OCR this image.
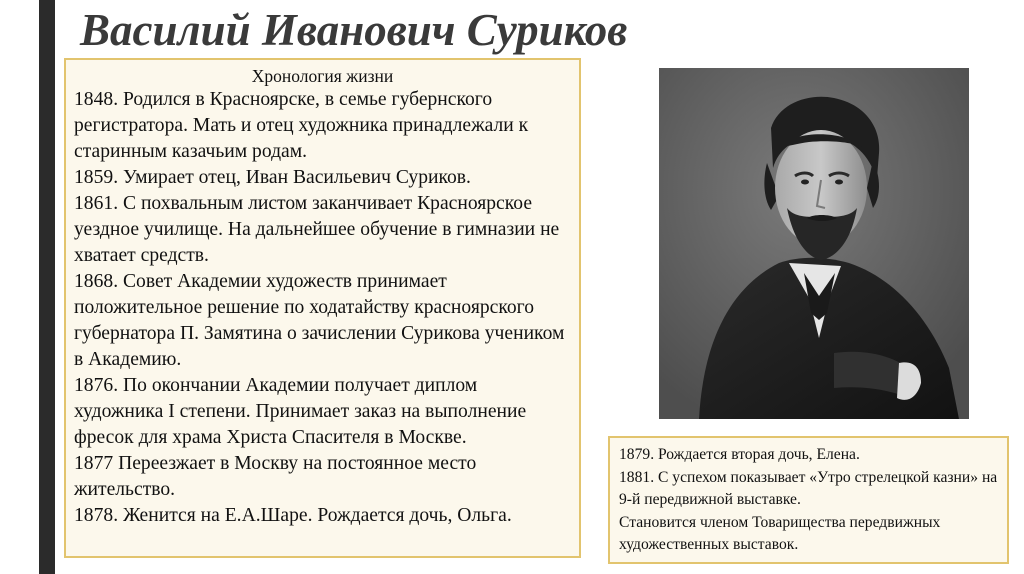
Василий Иванович Суриков
Хронология жизни

1848. Родился в Красноярске, в семье губернского регистратора. Мать и отец художника принадлежали к старинным казачьим родам.

1859. Умирает отец, Иван Васильевич Суриков.

1861. С похвальным листом заканчивает Красноярское уездное училище. На дальнейшее обучение в гимназии не хватает средств.

1868. Совет Академии художеств принимает положительное решение по ходатайству красноярского губернатора П. Замятина о зачислении Сурикова учеником в Академию.

1876. По окончании Академии получает диплом художника I степени. Принимает заказ на выполнение фресок для храма Христа Спасителя в Москве.

1877 Переезжает в Москву на постоянное место жительство.

1878. Женится на Е.А.Шаре. Рождается дочь, Ольга.

1879. Рождается вторая дочь, Елена.

1881. С успехом показывает «Утро стрелецкой казни» на 9-й передвижной выставке.

Становится членом Товарищества передвижных художественных выставок.
